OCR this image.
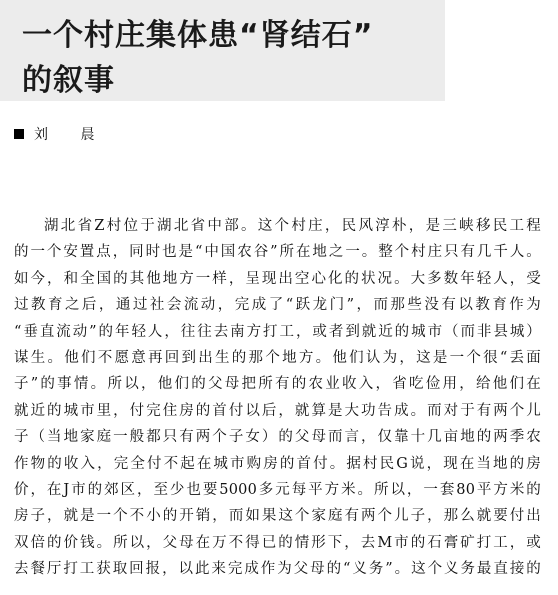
一个村庄集体患“肾结石”
的叙事
刘 晨
湖北省Z村位于湖北省中部。这个村庄，民风淳朴，是三峡移民工程
的一个安置点，同时也是“中国农谷”所在地之一。整个村庄只有几千人。
如今，和全国的其他地方一样，呈现出空心化的状况。大多数年轻人，受
过教育之后，通过社会流动，完成了“跃龙门”，而那些没有以教育作为
“垂直流动”的年轻人，往往去南方打工，或者到就近的城市（而非县城）
谋生。他们不愿意再回到出生的那个地方。他们认为，这是一个很“丢面
子”的事情。所以，他们的父母把所有的农业收入，省吃俭用，给他们在
就近的城市里，付完住房的首付以后，就算是大功告成。而对于有两个儿
子（当地家庭一般都只有两个子女）的父母而言，仅靠十几亩地的两季农
作物的收入，完全付不起在城市购房的首付。据村民G说，现在当地的房
价，在J市的郊区，至少也要5000多元每平方米。所以，一套80平方米的
房子，就是一个不小的开销，而如果这个家庭有两个儿子，那么就要付出
双倍的价钱。所以，父母在万不得已的情形下，去M市的石膏矿打工，或
去餐厅打工获取回报，以此来完成作为父母的“义务”。这个义务最直接的
